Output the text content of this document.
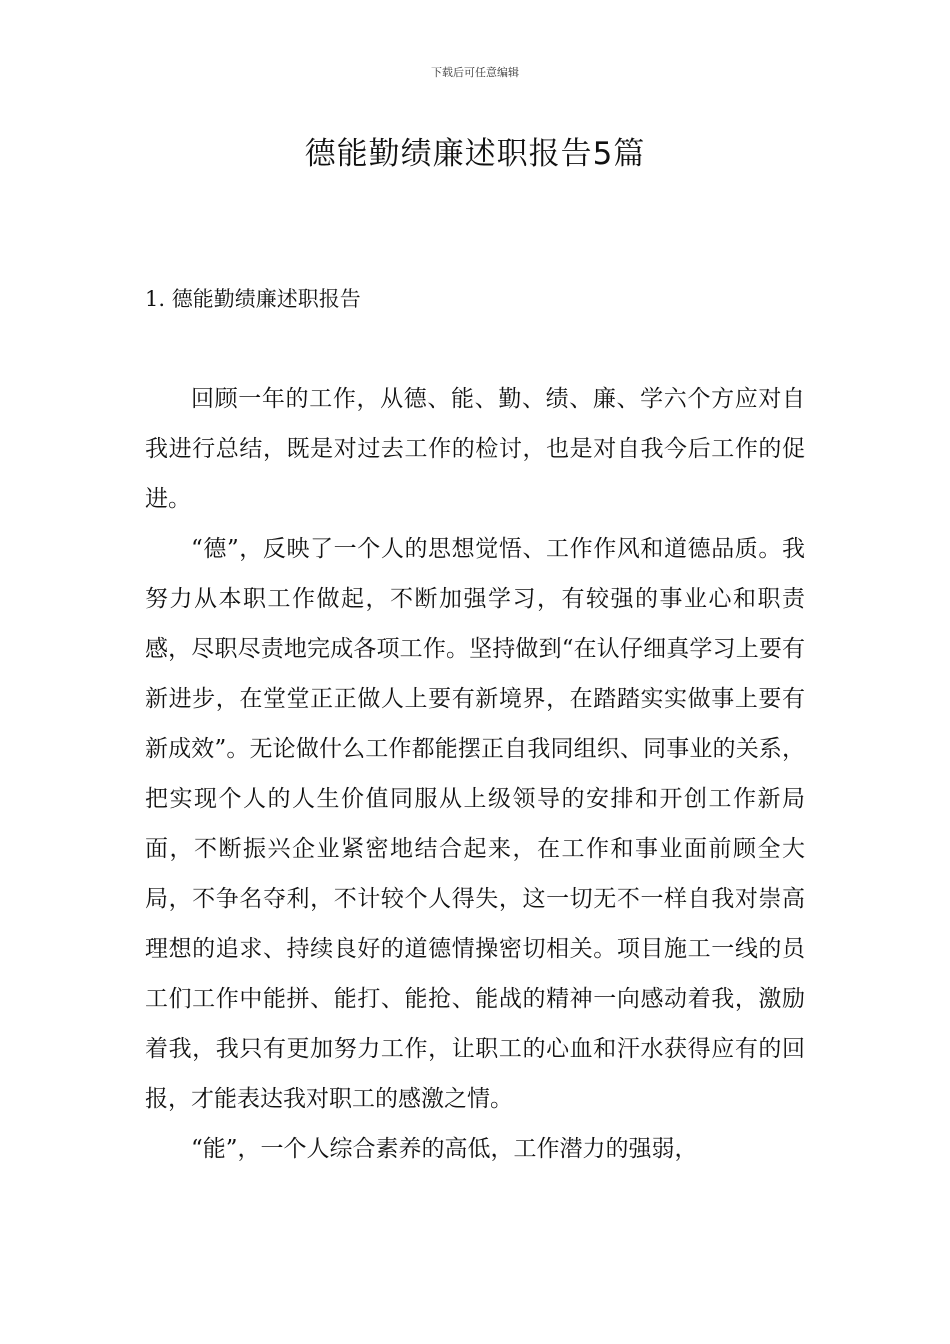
下载后可任意编辑
德能勤绩廉述职报告5篇
1. 德能勤绩廉述职报告

回顾一年的工作，从德、能、勤、绩、廉、学六个方应对自我进行总结，既是对过去工作的检讨，也是对自我今后工作的促进。

“德”，反映了一个人的思想觉悟、工作作风和道德品质。我努力从本职工作做起，不断加强学习，有较强的事业心和职责感，尽职尽责地完成各项工作。坚持做到“在认仔细真学习上要有新进步，在堂堂正正做人上要有新境界，在踏踏实实做事上要有新成效”。无论做什么工作都能摆正自我同组织、同事业的关系，把实现个人的人生价值同服从上级领导的安排和开创工作新局面，不断振兴企业紧密地结合起来，在工作和事业面前顾全大局，不争名夺利，不计较个人得失，这一切无不一样自我对崇高理想的追求、持续良好的道德情操密切相关。项目施工一线的员工们工作中能拼、能打、能抢、能战的精神一向感动着我，激励着我，我只有更加努力工作，让职工的心血和汗水获得应有的回报，才能表达我对职工的感激之情。

“能”，一个人综合素养的高低，工作潜力的强弱，
